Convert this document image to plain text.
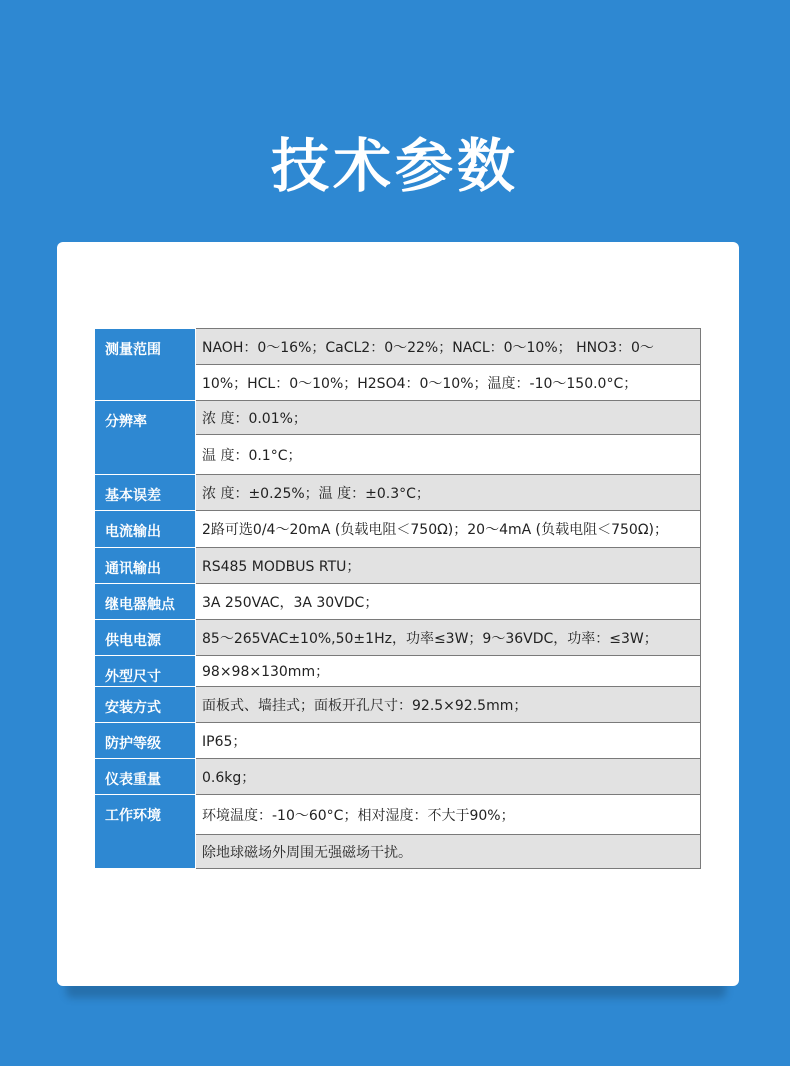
技术参数
测量范围	NAOH：0～16%；CaCL2：0～22%；NACL：0～10%； HNO3：0～
	10%；HCL：0～10%；H2SO4：0～10%；温度：-10～150.0°C；
分辨率	浓 度：0.01%；
	温 度：0.1°C；
基本误差	浓 度：±0.25%；温 度：±0.3°C；
电流输出	2路可选0/4～20mA (负载电阻＜750Ω)；20～4mA (负载电阻＜750Ω)；
通讯输出	RS485 MODBUS RTU；
继电器触点	3A 250VAC，3A 30VDC；
供电电源	85～265VAC±10%,50±1Hz，功率≤3W；9～36VDC，功率：≤3W；
外型尺寸	98×98×130mm；
安装方式	面板式、墙挂式；面板开孔尺寸：92.5×92.5mm；
防护等级	IP65；
仪表重量	0.6kg；
工作环境	环境温度：-10～60°C；相对湿度：不大于90%；
	除地球磁场外周围无强磁场干扰。
